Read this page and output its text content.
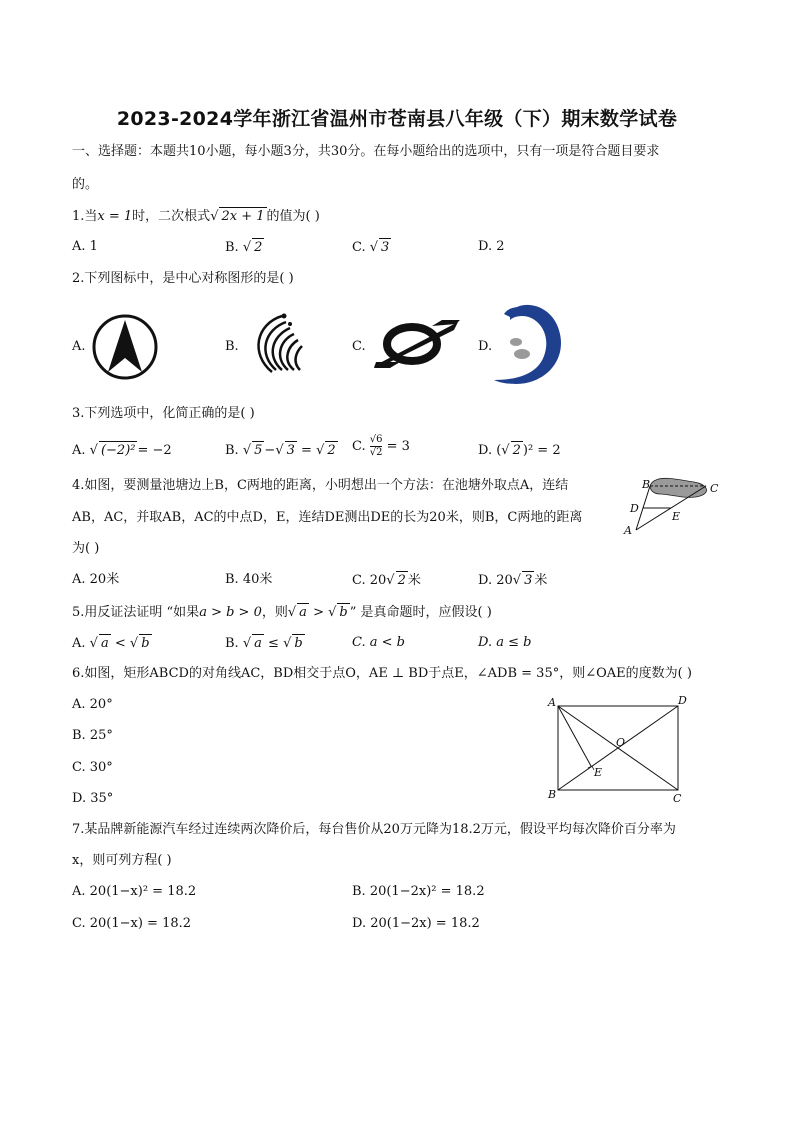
2023-2024学年浙江省温州市苍南县八年级（下）期末数学试卷
一、选择题：本题共10小题，每小题3分，共30分。在每小题给出的选项中，只有一项是符合题目要求
的。
1.当x = 1时，二次根式√ 2x + 1 的值为( )
A. 1	B. √ 2	C. √ 3	D. 2
2.下列图标中，是中心对称图形的是( )
A.	B.	C.	D.
3.下列选项中，化简正确的是( )
A. √ (−2)²= −2	B. √ 5 −√ 3 = √ 2 C. $\frac{√6}{√2} = 3$	D. (√ 2 )² = 2
4.如图，要测量池塘边上B，C两地的距离，小明想出一个方法：在池塘外取点A，连结
AB，AC，并取AB，AC的中点D，E，连结DE测出DE的长为20米，则B，C两地的距离
为( )
A. 20米	B. 40米	C. 20√ 2 米	D. 20√ 3 米
B	C
D
E
A
5.用反证法证明 “如果a > b > 0，则√ a > √ b ” 是真命题时，应假设( )
A. √ a < √ b	B. √ a ≤ √ b	C. a < b	D. a ≤ b
6.如图，矩形ABCD的对角线AC，BD相交于点O，AE ⊥ BD于点E，∠ADB = 35°，则∠OAE的度数为( )
A. 20°
B. 25°
C. 30°
D. 35°
A	D
B	C
O
E
7.某品牌新能源汽车经过连续两次降价后，每台售价从20万元降为18.2万元，假设平均每次降价百分率为
x，则可列方程( )
A. 20(1−x)² = 18.2	B. 20(1−2x)² = 18.2
C. 20(1−x) = 18.2	D. 20(1−2x) = 18.2
